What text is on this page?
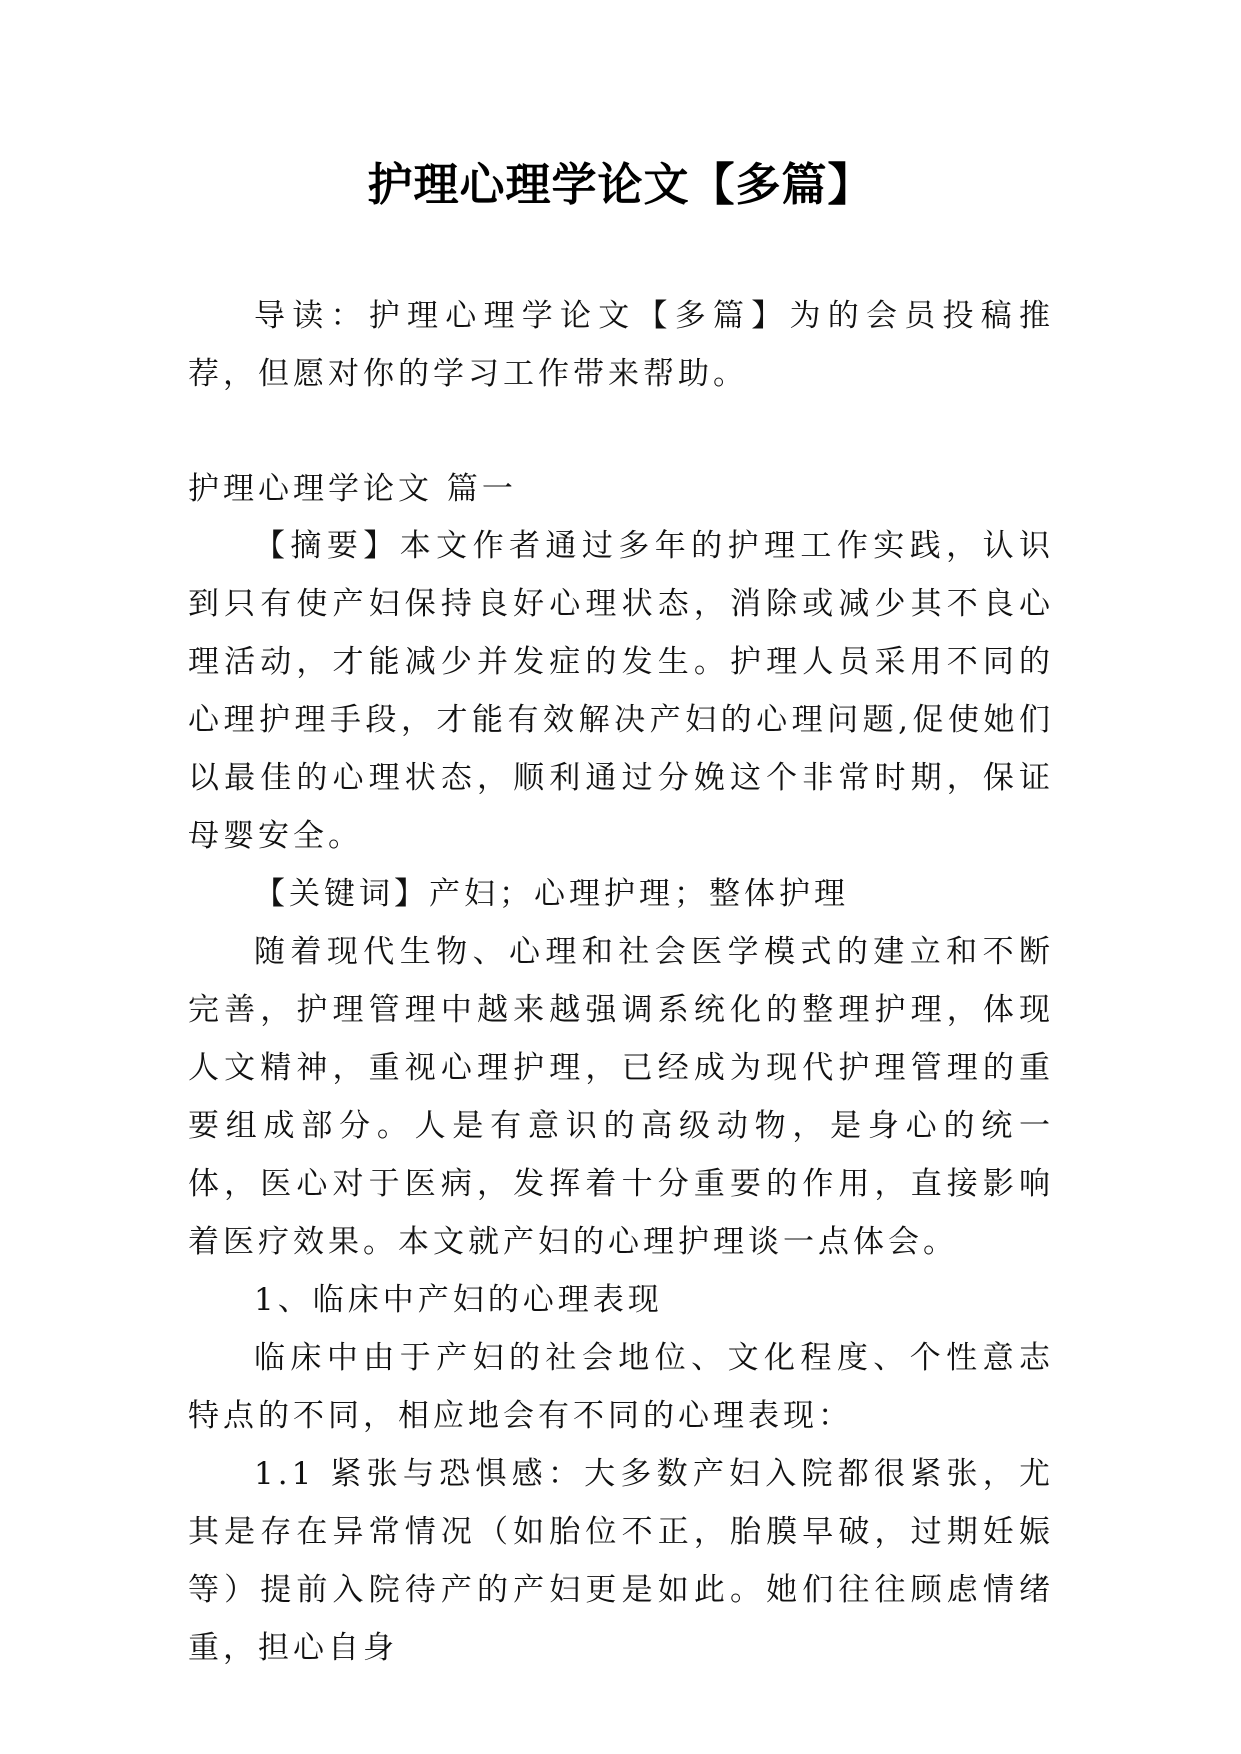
护理心理学论文【多篇】

导读：护理心理学论文【多篇】为的会员投稿推荐，但愿对你的学习工作带来帮助。

护理心理学论文 篇一

【摘要】本文作者通过多年的护理工作实践，认识到只有使产妇保持良好心理状态，消除或减少其不良心理活动，才能减少并发症的发生。护理人员采用不同的心理护理手段，才能有效解决产妇的心理问题,促使她们以最佳的心理状态，顺利通过分娩这个非常时期，保证母婴安全。

【关键词】产妇；心理护理；整体护理

随着现代生物、心理和社会医学模式的建立和不断完善，护理管理中越来越强调系统化的整理护理，体现人文精神，重视心理护理，已经成为现代护理管理的重要组成部分。人是有意识的高级动物，是身心的统一体，医心对于医病，发挥着十分重要的作用，直接影响着医疗效果。本文就产妇的心理护理谈一点体会。

1、临床中产妇的心理表现

临床中由于产妇的社会地位、文化程度、个性意志特点的不同，相应地会有不同的心理表现：

1.1 紧张与恐惧感：大多数产妇入院都很紧张，尤其是存在异常情况（如胎位不正，胎膜早破，过期妊娠等）提前入院待产的产妇更是如此。她们往往顾虑情绪重，担心自身
